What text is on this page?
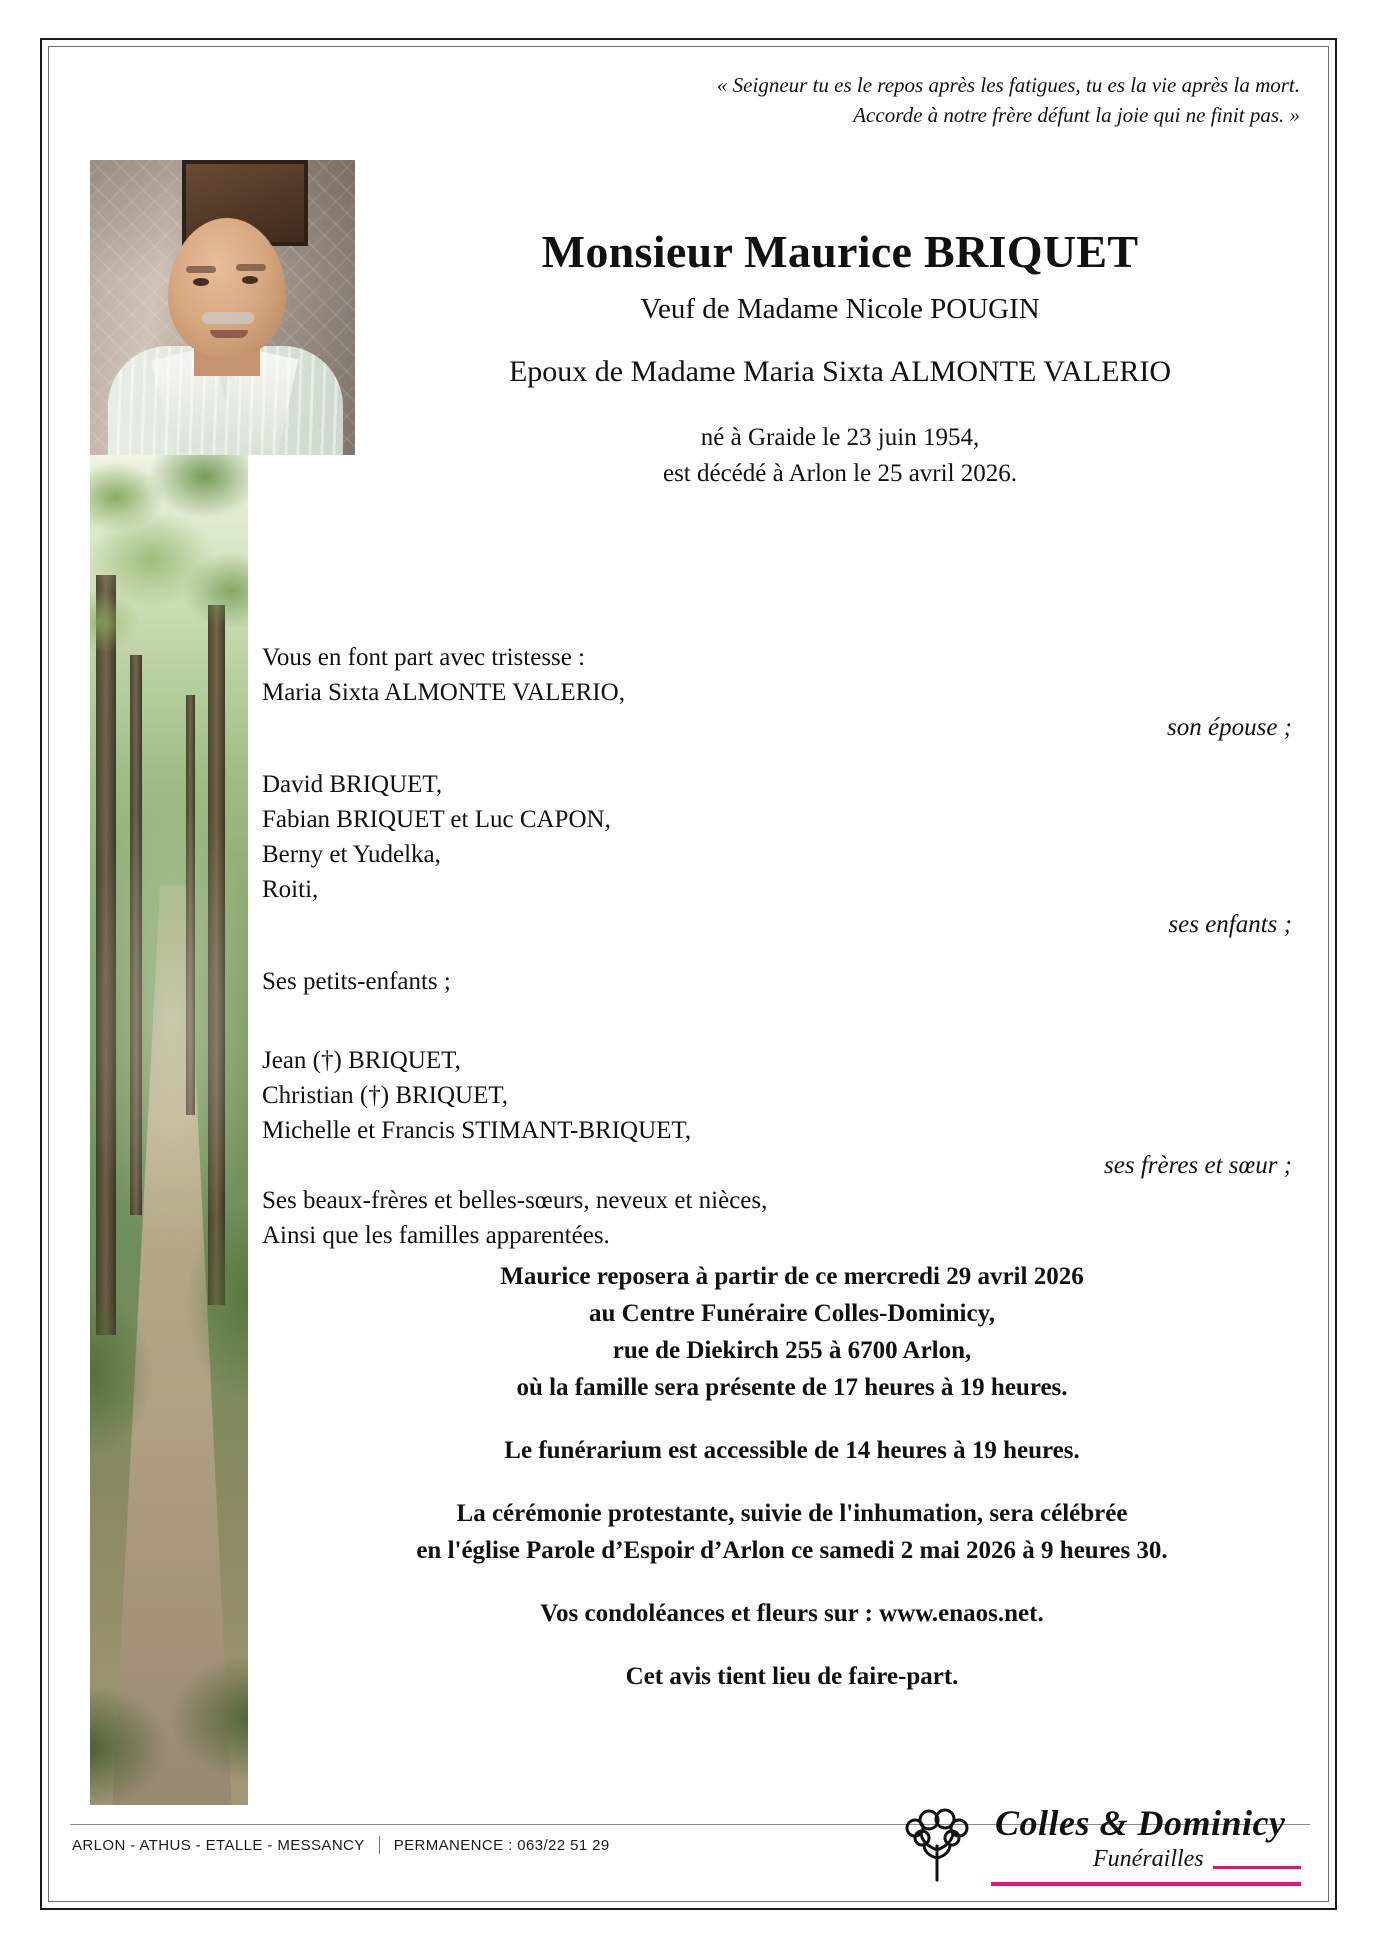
« Seigneur tu es le repos après les fatigues, tu es la vie après la mort.
Accorde à notre frère défunt la joie qui ne finit pas. »
Monsieur Maurice BRIQUET
Veuf de Madame Nicole POUGIN
Epoux de Madame Maria Sixta ALMONTE VALERIO
né à Graide le 23 juin 1954,
est décédé à Arlon le 25 avril 2026.
Vous en font part avec tristesse :
Maria Sixta ALMONTE VALERIO,
son épouse ;
David BRIQUET,
Fabian BRIQUET et Luc CAPON,
Berny et Yudelka,
Roiti,
ses enfants ;
Ses petits-enfants ;
Jean (†) BRIQUET,
Christian (†) BRIQUET,
Michelle et Francis STIMANT-BRIQUET,
ses frères et sœur ;
Ses beaux-frères et belles-sœurs, neveux et nièces,
Ainsi que les familles apparentées.
Maurice reposera à partir de ce mercredi 29 avril 2026
au Centre Funéraire Colles-Dominicy,
rue de Diekirch 255 à 6700 Arlon,
où la famille sera présente de 17 heures à 19 heures.
Le funérarium est accessible de 14 heures à 19 heures.
La cérémonie protestante, suivie de l'inhumation, sera célébrée
en l'église Parole d’Espoir d’Arlon ce samedi 2 mai 2026 à 9 heures 30.
Vos condoléances et fleurs sur : www.enaos.net.
Cet avis tient lieu de faire-part.
ARLON - ATHUS - ETALLE - MESSANCY PERMANENCE : 063/22 51 29
Colles & Dominicy
Funérailles
